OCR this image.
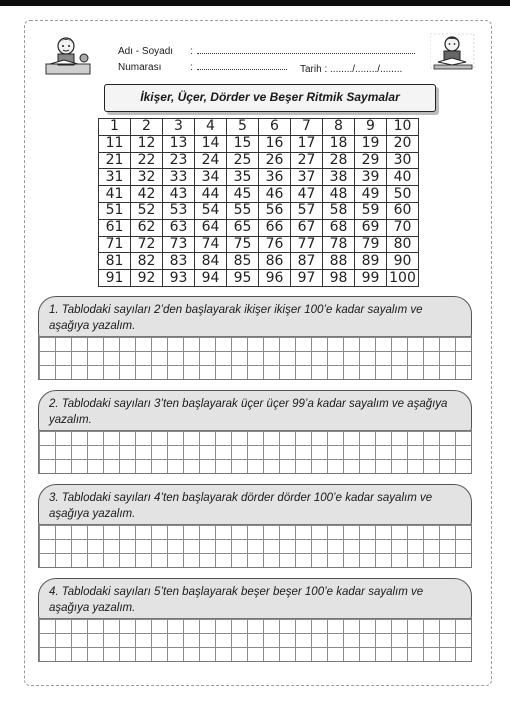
Adı - Soyadı :
Numarası	:	Tarih : ......../......../........
İkişer, Üçer, Dörder ve Beşer Ritmik Saymalar
1	2	3	4	5	6	7	8	9	10
11	12	13	14	15	16	17	18	19	20
21	22	23	24	25	26	27	28	29	30
31	32	33	34	35	36	37	38	39	40
41	42	43	44	45	46	47	48	49	50
51	52	53	54	55	56	57	58	59	60
61	62	63	64	65	66	67	68	69	70
71	72	73	74	75	76	77	78	79	80
81	82	83	84	85	86	87	88	89	90
91	92	93	94	95	96	97	98	99	100
1. Tablodaki sayıları 2’den başlayarak ikişer ikişer 100’e kadar sayalım ve aşağıya yazalım.
2. Tablodaki sayıları 3’ten başlayarak üçer üçer 99’a kadar sayalım ve aşağıya yazalım.
3. Tablodaki sayıları 4’ten başlayarak dörder dörder 100’e kadar sayalım ve aşağıya yazalım.
4. Tablodaki sayıları 5’ten başlayarak beşer beşer 100’e kadar sayalım ve aşağıya yazalım.
